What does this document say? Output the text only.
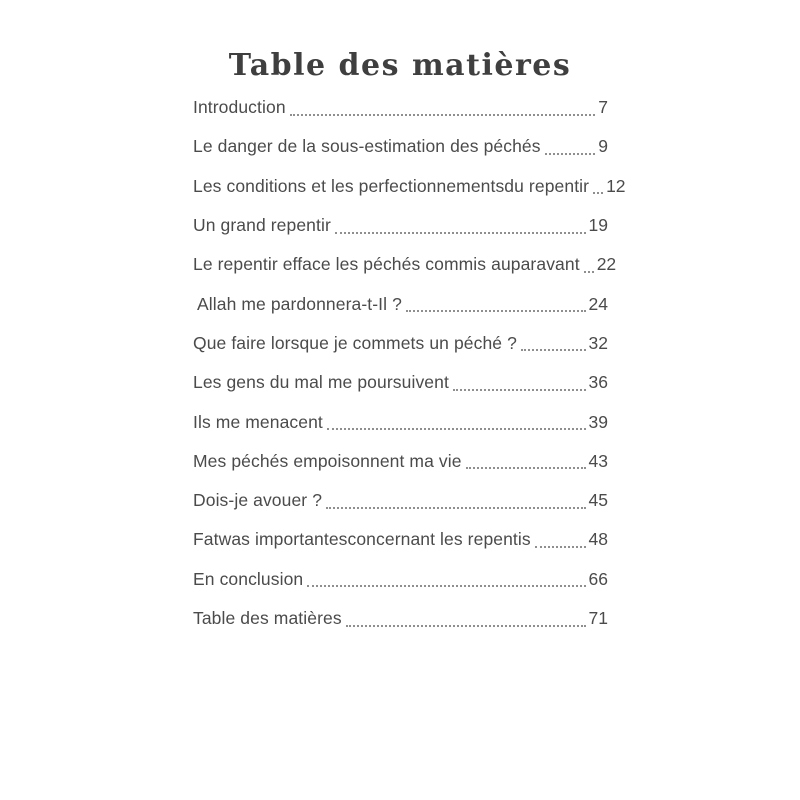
Table des matières
Introduction	7
Le danger de la sous-estimation des péchés	9
Les conditions et les perfectionnementsdu repentir 12
Un grand repentir	19
Le repentir efface les péchés commis auparavant 22
Allah me pardonnera-t-Il ?	24
Que faire lorsque je commets un péché ?	32
Les gens du mal me poursuivent	36
Ils me menacent	39
Mes péchés empoisonnent ma vie	43
Dois-je avouer ?	45
Fatwas importantesconcernant les repentis	48
En conclusion	66
Table des matières	71
